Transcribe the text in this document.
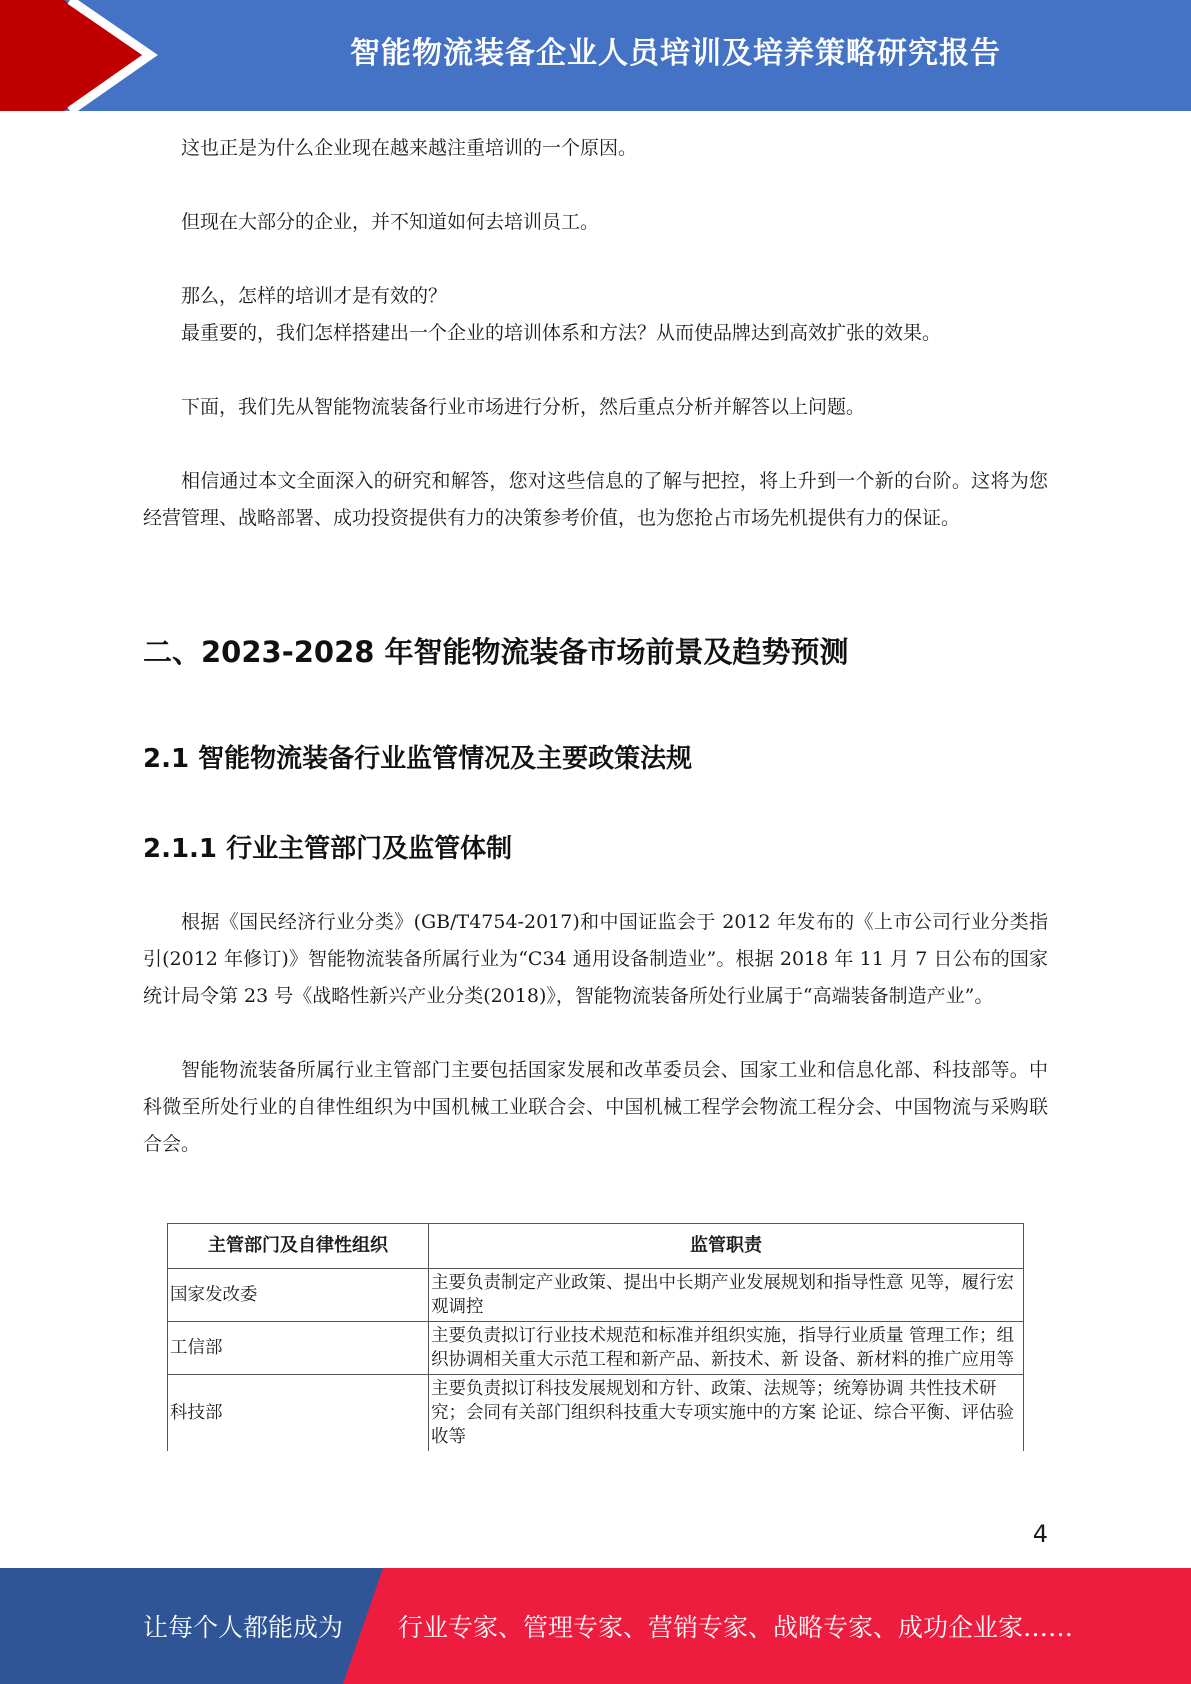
智能物流装备企业人员培训及培养策略研究报告

这也正是为什么企业现在越来越注重培训的一个原因。

但现在大部分的企业，并不知道如何去培训员工。

那么，怎样的培训才是有效的？

最重要的，我们怎样搭建出一个企业的培训体系和方法？从而使品牌达到高效扩张的效果。

下面，我们先从智能物流装备行业市场进行分析，然后重点分析并解答以上问题。

相信通过本文全面深入的研究和解答，您对这些信息的了解与把控，将上升到一个新的台阶。这将为您经营管理、战略部署、成功投资提供有力的决策参考价值，也为您抢占市场先机提供有力的保证。

二、2023-2028 年智能物流装备市场前景及趋势预测
2.1 智能物流装备行业监管情况及主要政策法规
2.1.1 行业主管部门及监管体制

根据《国民经济行业分类》(GB/T4754-2017)和中国证监会于 2012 年发布的《上市公司行业分类指引(2012 年修订)》智能物流装备所属行业为“C34 通用设备制造业”。根据 2018 年 11 月 7 日公布的国家统计局令第 23 号《战略性新兴产业分类(2018)》，智能物流装备所处行业属于“高端装备制造产业”。

智能物流装备所属行业主管部门主要包括国家发展和改革委员会、国家工业和信息化部、科技部等。中科微至所处行业的自律性组织为中国机械工业联合会、中国机械工程学会物流工程分会、中国物流与采购联合会。

主管部门及自律性组织	监管职责
国家发改委	主要负责制定产业政策、提出中长期产业发展规划和指导性意 见等，履行宏观调控
工信部	主要负责拟订行业技术规范和标准并组织实施，指导行业质量 管理工作；组织协调相关重大示范工程和新产品、新技术、新 设备、新材料的推广应用等
科技部	主要负责拟订科技发展规划和方针、政策、法规等；统筹协调 共性技术研究；会同有关部门组织科技重大专项实施中的方案 论证、综合平衡、评估验收等
4
让每个人都能成为 行业专家、管理专家、营销专家、战略专家、成功企业家……
